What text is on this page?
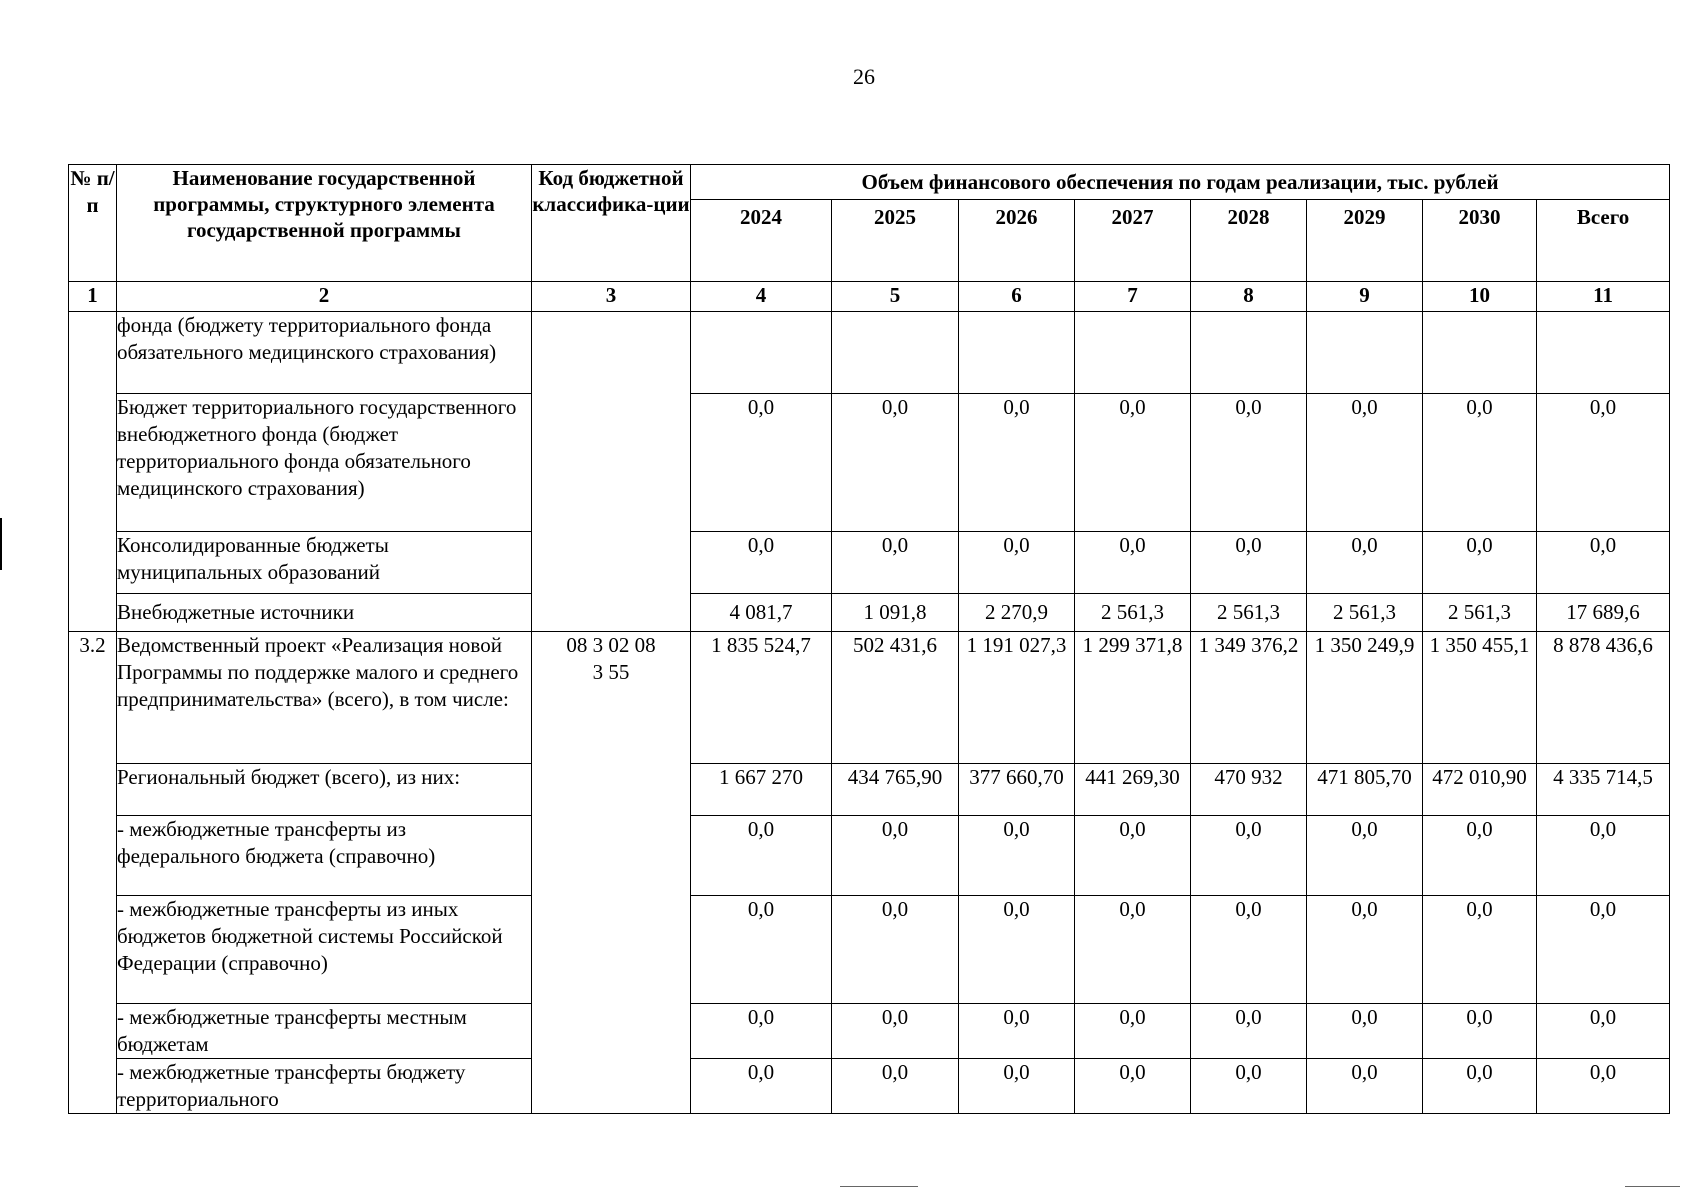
26
№ п/п	Наименование государственной программы, структурного элемента государственной программы	Код бюджетной классифика-ции	Объем финансового обеспечения по годам реализации, тыс. рублей							
			2024	2025	2026	2027	2028	2029	2030	Всего
1	2	3	4	5	6	7	8	9	10	11
	фонда (бюджету территориального фонда обязательного медицинского страхования)									
	Бюджет территориального государственного внебюджетного фонда (бюджет территориального фонда обязательного медицинского страхования)		0,0	0,0	0,0	0,0	0,0	0,0	0,0	0,0
	Консолидированные бюджеты муниципальных образований		0,0	0,0	0,0	0,0	0,0	0,0	0,0	0,0
	Внебюджетные источники		4 081,7	1 091,8	2 270,9	2 561,3	2 561,3	2 561,3	2 561,3	17 689,6
3.2	Ведомственный проект «Реализация новой Программы по поддержке малого и среднего предпринимательства» (всего), в том числе:	08 3 02 08 3 55	1 835 524,7	502 431,6	1 191 027,3	1 299 371,8	1 349 376,2	1 350 249,9	1 350 455,1	8 878 436,6
	Региональный бюджет (всего), из них:		1 667 270	434 765,90	377 660,70	441 269,30	470 932	471 805,70	472 010,90	4 335 714,5
	- межбюджетные трансферты из федерального бюджета (справочно)		0,0	0,0	0,0	0,0	0,0	0,0	0,0	0,0
	- межбюджетные трансферты из иных бюджетов бюджетной системы Российской Федерации (справочно)		0,0	0,0	0,0	0,0	0,0	0,0	0,0	0,0
	- межбюджетные трансферты местным бюджетам		0,0	0,0	0,0	0,0	0,0	0,0	0,0	0,0
	- межбюджетные трансферты бюджету территориального		0,0	0,0	0,0	0,0	0,0	0,0	0,0	0,0
